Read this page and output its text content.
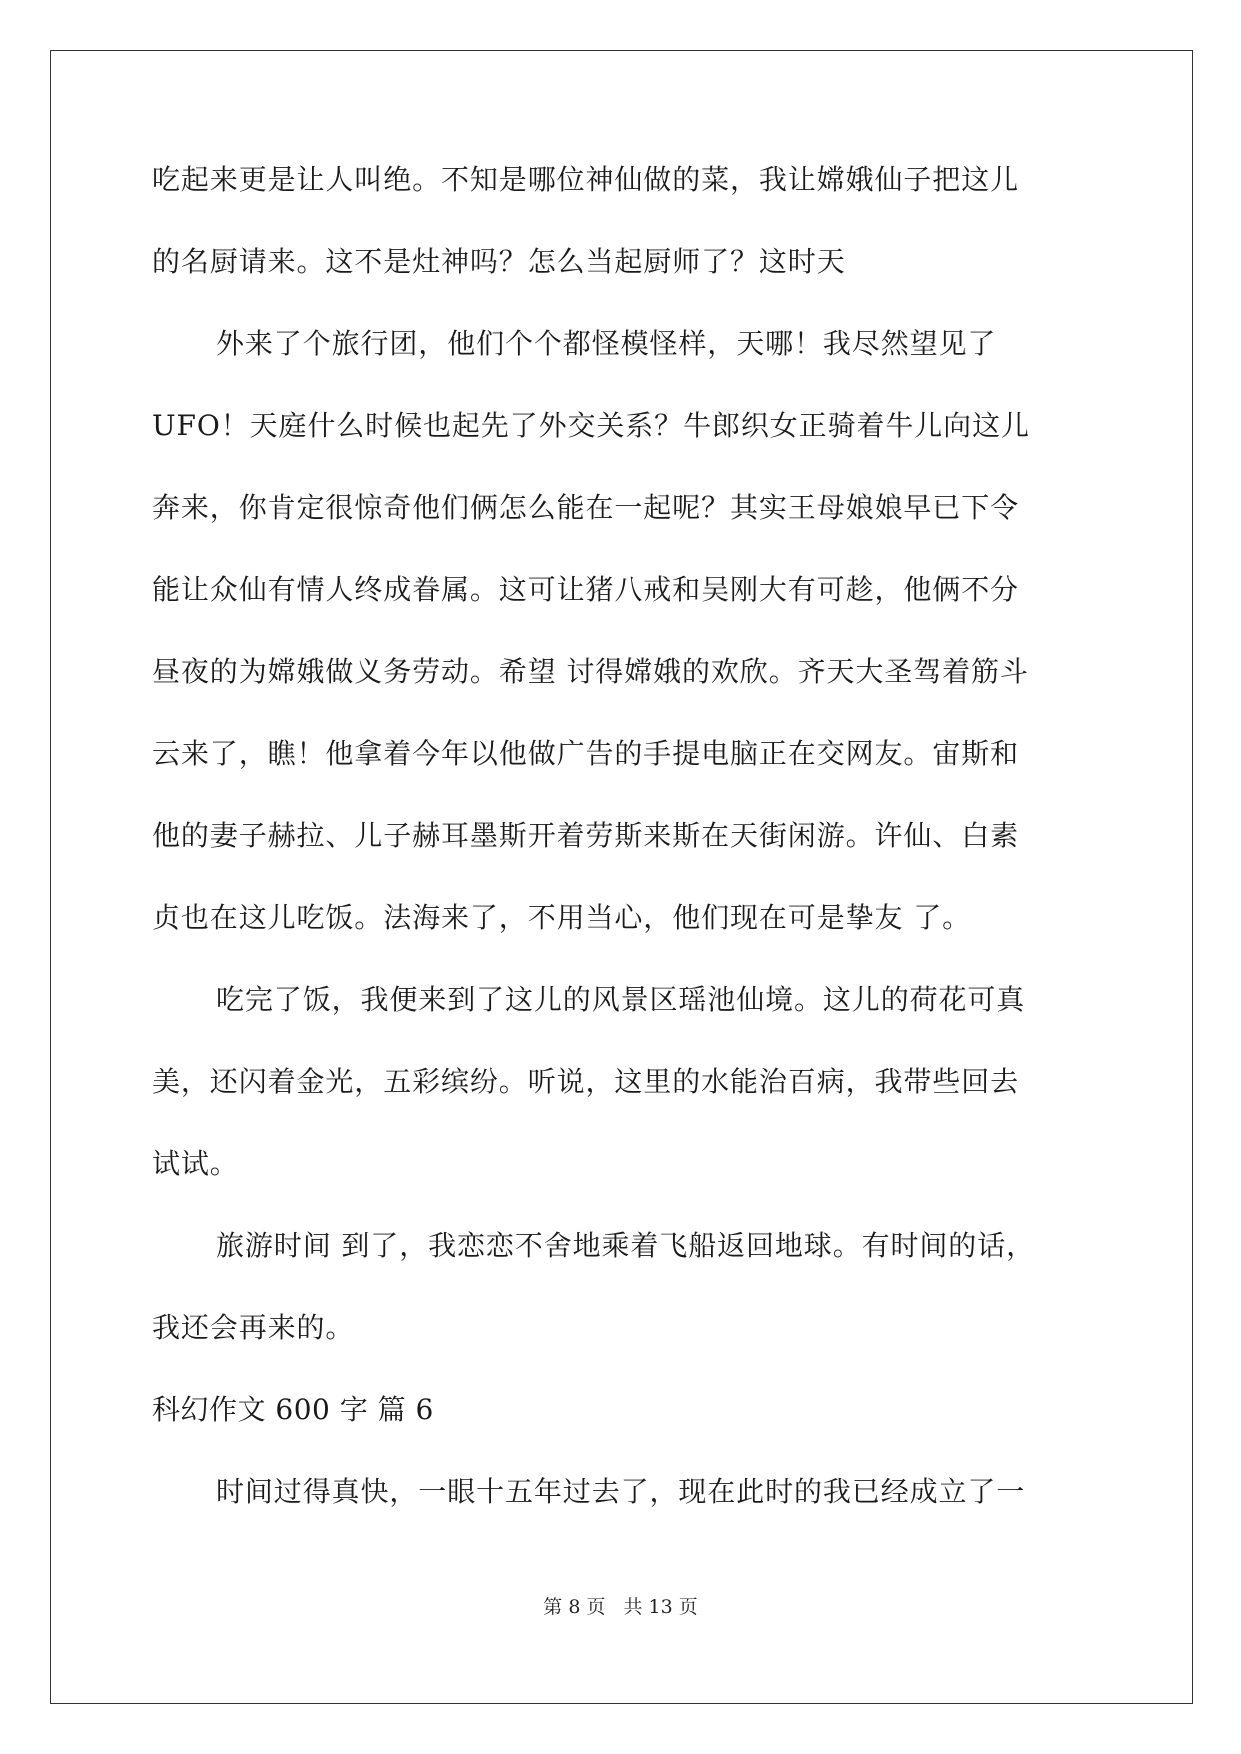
吃起来更是让人叫绝。不知是哪位神仙做的菜，我让嫦娥仙子把这儿
的名厨请来。这不是灶神吗？怎么当起厨师了？这时天
外来了个旅行团，他们个个都怪模怪样，天哪！我尽然望见了
UFO！天庭什么时候也起先了外交关系？牛郎织女正骑着牛儿向这儿
奔来，你肯定很惊奇他们俩怎么能在一起呢？其实王母娘娘早已下令
能让众仙有情人终成眷属。这可让猪八戒和吴刚大有可趁，他俩不分
昼夜的为嫦娥做义务劳动。希望 讨得嫦娥的欢欣。齐天大圣驾着筋斗
云来了，瞧！他拿着今年以他做广告的手提电脑正在交网友。宙斯和
他的妻子赫拉、儿子赫耳墨斯开着劳斯来斯在天街闲游。许仙、白素
贞也在这儿吃饭。法海来了，不用当心，他们现在可是挚友 了。
吃完了饭，我便来到了这儿的风景区瑶池仙境。这儿的荷花可真
美，还闪着金光，五彩缤纷。听说，这里的水能治百病，我带些回去
试试。
旅游时间 到了，我恋恋不舍地乘着飞船返回地球。有时间的话，
我还会再来的。
科幻作文 600 字 篇 6
时间过得真快，一眼十五年过去了，现在此时的我已经成立了一
第 8 页 共 13 页
